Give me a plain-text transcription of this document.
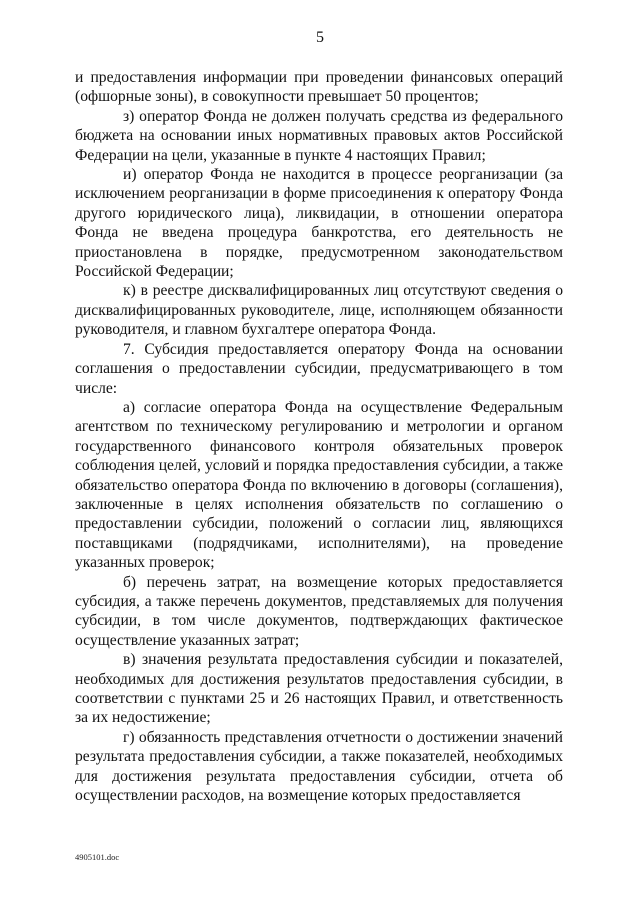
5

и предоставления информации при проведении финансовых операций (офшорные зоны), в совокупности превышает 50 процентов;

з) оператор Фонда не должен получать средства из федерального бюджета на основании иных нормативных правовых актов Российской Федерации на цели, указанные в пункте 4 настоящих Правил;

и) оператор Фонда не находится в процессе реорганизации (за исключением реорганизации в форме присоединения к оператору Фонда другого юридического лица), ликвидации, в отношении оператора Фонда не введена процедура банкротства, его деятельность не приостановлена в порядке, предусмотренном законодательством Российской Федерации;

к) в реестре дисквалифицированных лиц отсутствуют сведения о дисквалифицированных руководителе, лице, исполняющем обязанности руководителя, и главном бухгалтере оператора Фонда.

7. Субсидия предоставляется оператору Фонда на основании соглашения о предоставлении субсидии, предусматривающего в том числе:

а) согласие оператора Фонда на осуществление Федеральным агентством по техническому регулированию и метрологии и органом государственного финансового контроля обязательных проверок соблюдения целей, условий и порядка предоставления субсидии, а также обязательство оператора Фонда по включению в договоры (соглашения), заключенные в целях исполнения обязательств по соглашению о предоставлении субсидии, положений о согласии лиц, являющихся поставщиками (подрядчиками, исполнителями), на проведение указанных проверок;

б) перечень затрат, на возмещение которых предоставляется субсидия, а также перечень документов, представляемых для получения субсидии, в том числе документов, подтверждающих фактическое осуществление указанных затрат;

в) значения результата предоставления субсидии и показателей, необходимых для достижения результатов предоставления субсидии, в соответствии с пунктами 25 и 26 настоящих Правил, и ответственность за их недостижение;

г) обязанность представления отчетности о достижении значений результата предоставления субсидии, а также показателей, необходимых для достижения результата предоставления субсидии, отчета об осуществлении расходов, на возмещение которых предоставляется

4905101.doc
